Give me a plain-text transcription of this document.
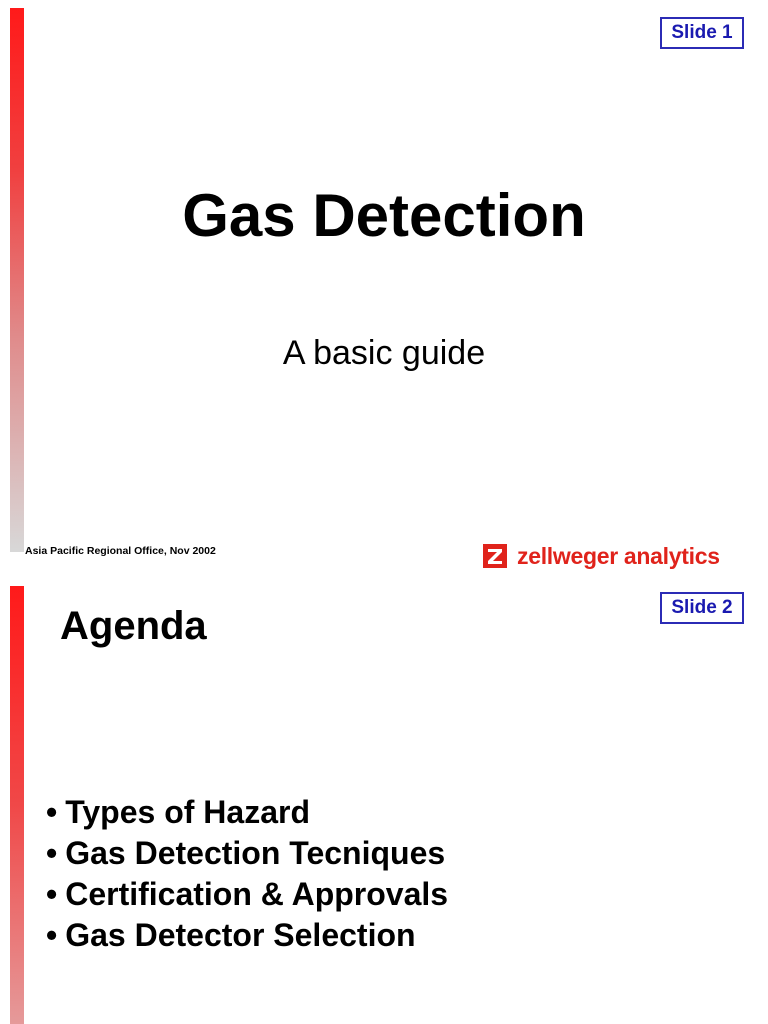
Slide 1
Gas Detection
A basic guide
Asia Pacific Regional Office, Nov 2002	zellweger analytics
Agenda	Slide 2
• Types of Hazard
• Gas Detection Tecniques
• Certification & Approvals
• Gas Detector Selection
